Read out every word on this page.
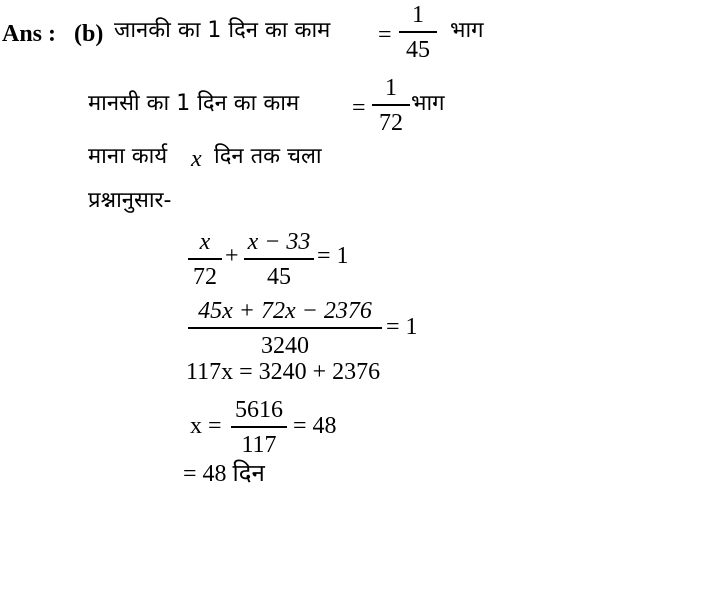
Ans : (b) जानकी का 1 दिन का काम =
1
45
भाग
मानसी का 1 दिन का काम =
1
72
भाग
माना कार्य x दिन तक चला
प्रश्नानुसार-
x
72
+
x − 33
45
= 1
45x + 72x − 2376
3240
= 1
117x = 3240 + 2376
x =
5616
117
= 48
= 48 दिन
